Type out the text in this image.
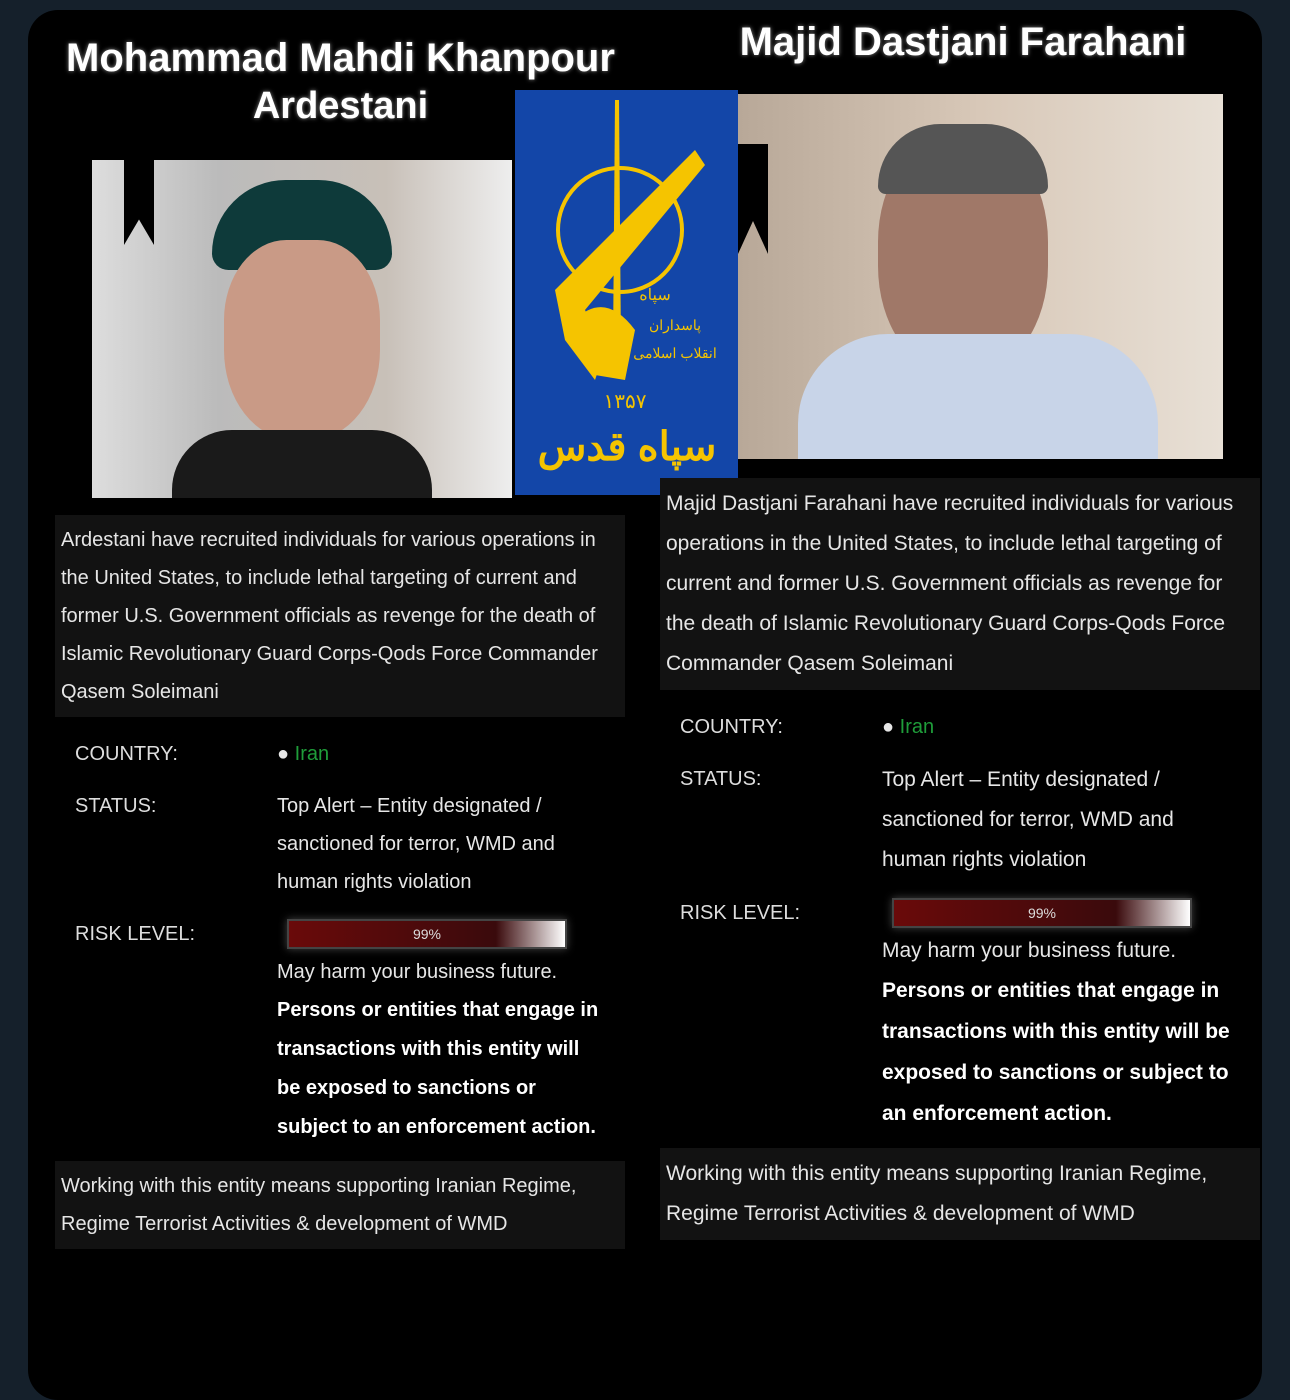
Mohammad Mahdi Khanpour
Ardestani
Ardestani have recruited individuals for various operations in the United States, to include lethal targeting of current and former U.S. Government officials as revenge for the death of Islamic Revolutionary Guard Corps-Qods Force Commander Qasem Soleimani
COUNTRY:	● Iran
STATUS:	Top Alert – Entity designated / sanctioned for terror, WMD and human rights violation
RISK LEVEL:	99%
May harm your business future.
Persons or entities that engage in transactions with this entity will be exposed to sanctions or subject to an enforcement action.
Working with this entity means supporting Iranian Regime, Regime Terrorist Activities & development of WMD
سپاه
پاسداران
انقلاب اسلامی
۱۳۵۷
سپاه قدس
Majid Dastjani Farahani
Majid Dastjani Farahani have recruited individuals for various operations in the United States, to include lethal targeting of current and former U.S. Government officials as revenge for the death of Islamic Revolutionary Guard Corps-Qods Force Commander Qasem Soleimani
COUNTRY:	● Iran
STATUS:	Top Alert – Entity designated / sanctioned for terror, WMD and human rights violation
RISK LEVEL:	99%
May harm your business future.
Persons or entities that engage in transactions with this entity will be exposed to sanctions or subject to an enforcement action.
Working with this entity means supporting Iranian Regime, Regime Terrorist Activities & development of WMD
